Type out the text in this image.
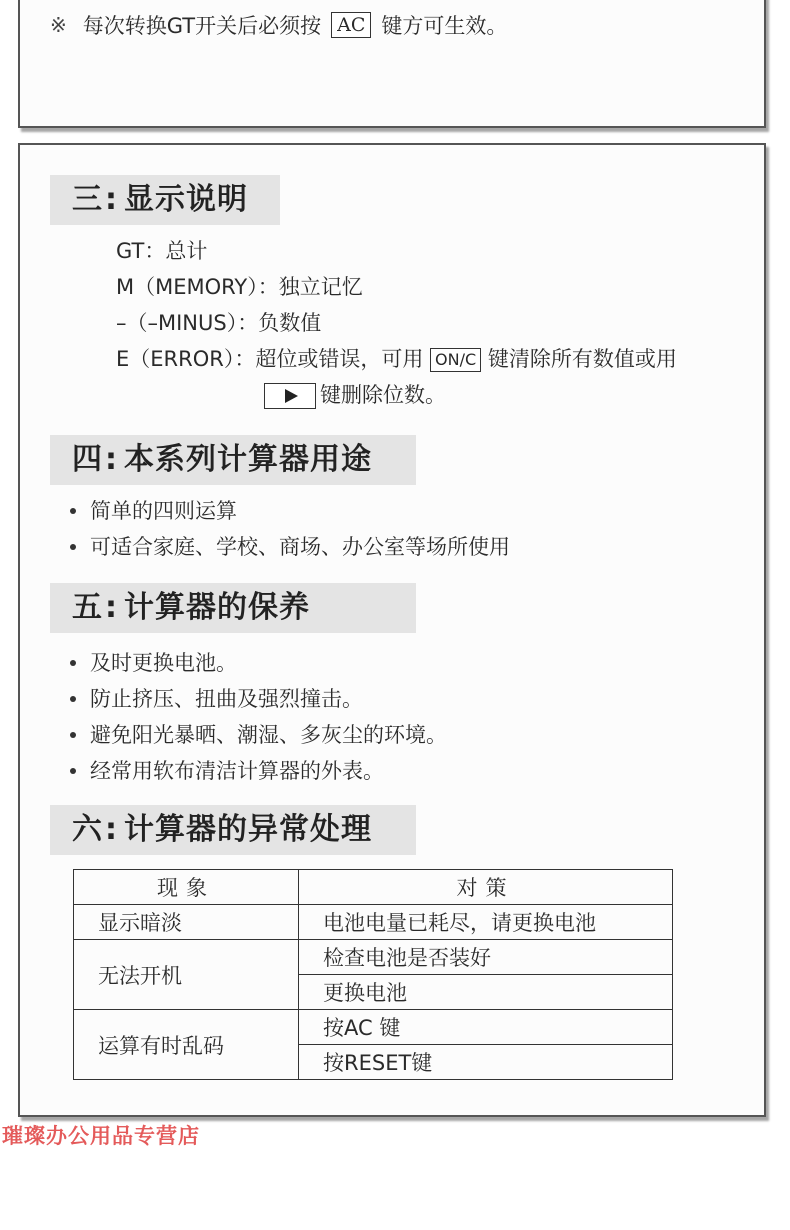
※ 每次转换GT开关后必须按 AC 键方可生效。
三: 显示说明
GT：总计
M（MEMORY）：独立记忆
–（–MINUS）：负数值
E（ERROR）：超位或错误，可用 ON/C 键清除所有数值或用
键删除位数。
四: 本系列计算器用途
简单的四则运算
可适合家庭、学校、商场、办公室等场所使用
五: 计算器的保养
及时更换电池。
防止挤压、扭曲及强烈撞击。
避免阳光暴晒、潮湿、多灰尘的环境。
经常用软布清洁计算器的外表。
六: 计算器的异常处理
现象	对策
显示暗淡	电池电量已耗尽，请更换电池
无法开机	检查电池是否装好
	更换电池
运算有时乱码	按AC 键
	按RESET键
璀璨办公用品专营店
